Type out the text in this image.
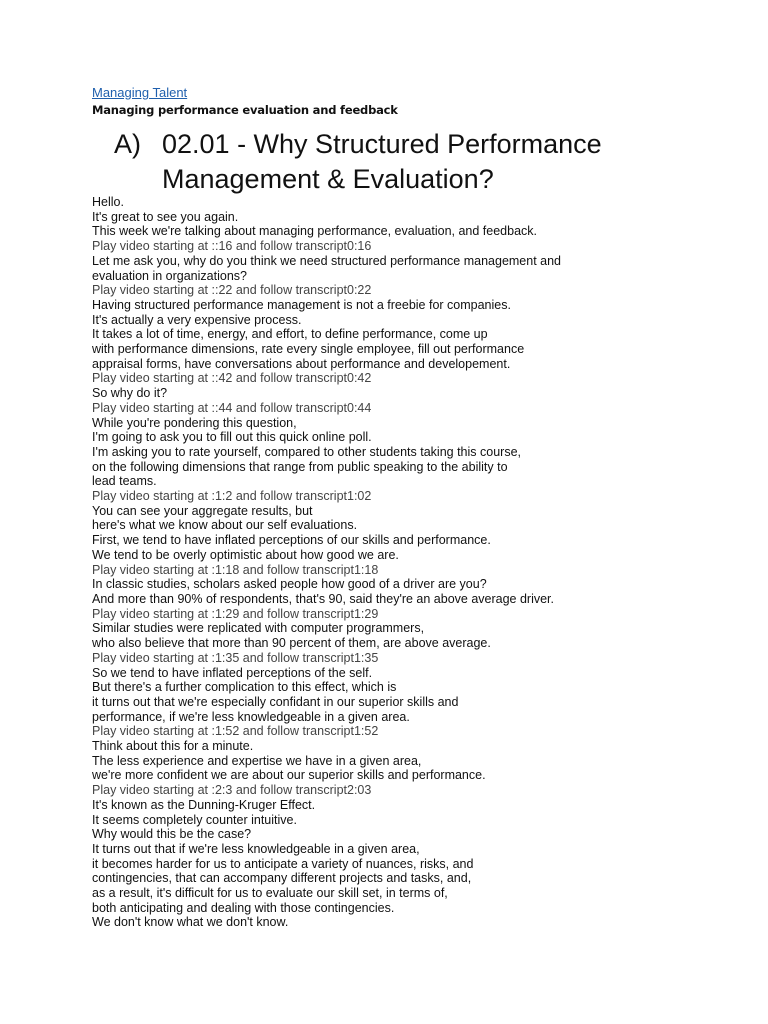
Managing Talent
Managing performance evaluation and feedback
A) 02.01 - Why Structured Performance
Management & Evaluation?
Hello.
It's great to see you again.
This week we're talking about managing performance, evaluation, and feedback.
Play video starting at ::16 and follow transcript0:16
Let me ask you, why do you think we need structured performance management and
evaluation in organizations?
Play video starting at ::22 and follow transcript0:22
Having structured performance management is not a freebie for companies.
It's actually a very expensive process.
It takes a lot of time, energy, and effort, to define performance, come up
with performance dimensions, rate every single employee, fill out performance
appraisal forms, have conversations about performance and developement.
Play video starting at ::42 and follow transcript0:42
So why do it?
Play video starting at ::44 and follow transcript0:44
While you're pondering this question,
I'm going to ask you to fill out this quick online poll.
I'm asking you to rate yourself, compared to other students taking this course,
on the following dimensions that range from public speaking to the ability to
lead teams.
Play video starting at :1:2 and follow transcript1:02
You can see your aggregate results, but
here's what we know about our self evaluations.
First, we tend to have inflated perceptions of our skills and performance.
We tend to be overly optimistic about how good we are.
Play video starting at :1:18 and follow transcript1:18
In classic studies, scholars asked people how good of a driver are you?
And more than 90% of respondents, that's 90, said they're an above average driver.
Play video starting at :1:29 and follow transcript1:29
Similar studies were replicated with computer programmers,
who also believe that more than 90 percent of them, are above average.
Play video starting at :1:35 and follow transcript1:35
So we tend to have inflated perceptions of the self.
But there's a further complication to this effect, which is
it turns out that we're especially confidant in our superior skills and
performance, if we're less knowledgeable in a given area.
Play video starting at :1:52 and follow transcript1:52
Think about this for a minute.
The less experience and expertise we have in a given area,
we're more confident we are about our superior skills and performance.
Play video starting at :2:3 and follow transcript2:03
It's known as the Dunning-Kruger Effect.
It seems completely counter intuitive.
Why would this be the case?
It turns out that if we're less knowledgeable in a given area,
it becomes harder for us to anticipate a variety of nuances, risks, and
contingencies, that can accompany different projects and tasks, and,
as a result, it's difficult for us to evaluate our skill set, in terms of,
both anticipating and dealing with those contingencies.
We don't know what we don't know.
